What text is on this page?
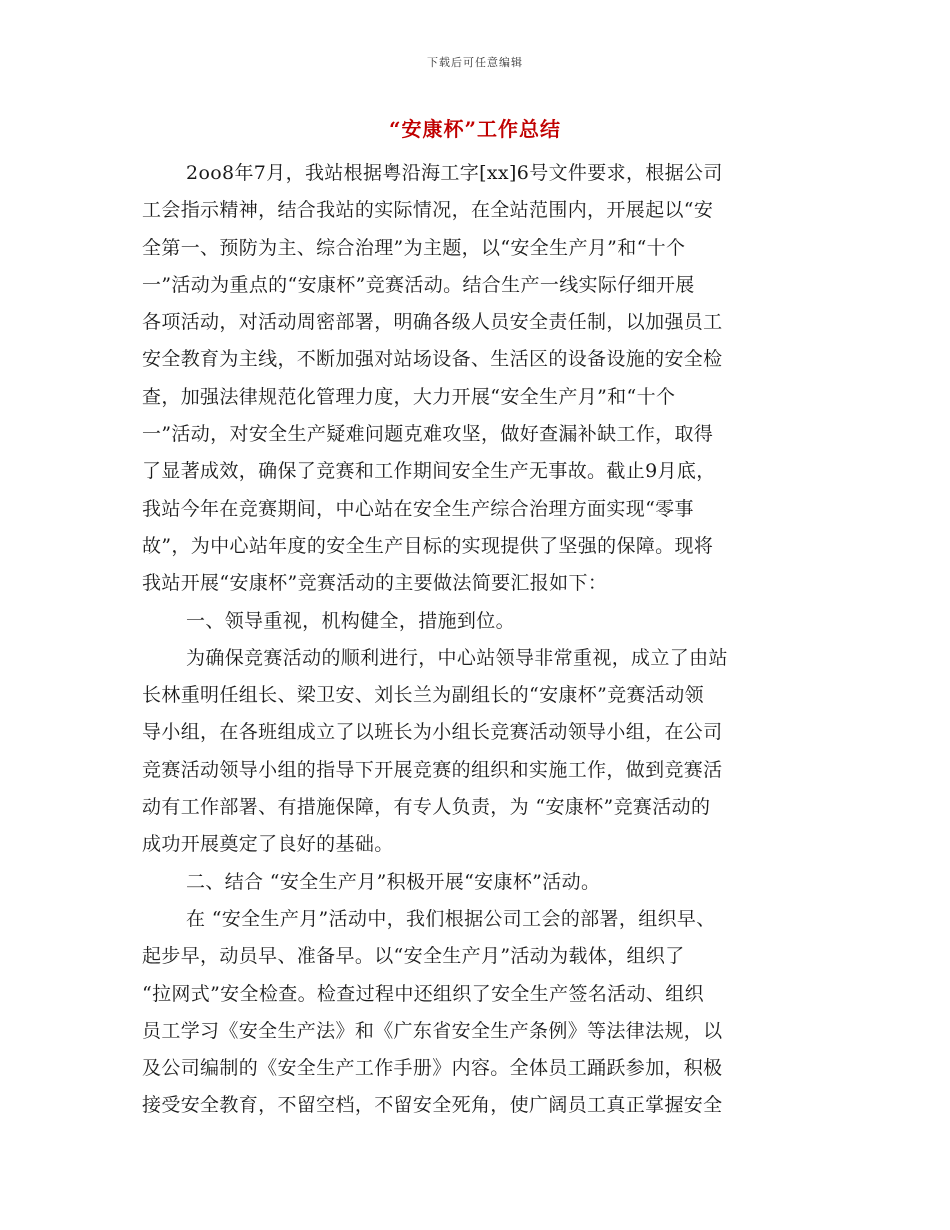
下载后可任意编辑
“安康杯”工作总结
2oo8年7月，我站根据粤沿海工字[xx]6号文件要求，根据公司
工会指示精神，结合我站的实际情况，在全站范围内，开展起以“安
全第一、预防为主、综合治理”为主题，以“安全生产月”和“十个
一”活动为重点的“安康杯”竞赛活动。结合生产一线实际仔细开展
各项活动，对活动周密部署，明确各级人员安全责任制，以加强员工
安全教育为主线，不断加强对站场设备、生活区的设备设施的安全检
查，加强法律规范化管理力度，大力开展“安全生产月”和“十个
一”活动，对安全生产疑难问题克难攻坚，做好查漏补缺工作，取得
了显著成效，确保了竞赛和工作期间安全生产无事故。截止9月底，
我站今年在竞赛期间，中心站在安全生产综合治理方面实现“零事
故”，为中心站年度的安全生产目标的实现提供了坚强的保障。现将
我站开展“安康杯”竞赛活动的主要做法简要汇报如下：
一、领导重视，机构健全，措施到位。
为确保竞赛活动的顺利进行，中心站领导非常重视，成立了由站
长林重明任组长、梁卫安、刘长兰为副组长的“安康杯”竞赛活动领
导小组，在各班组成立了以班长为小组长竞赛活动领导小组，在公司
竞赛活动领导小组的指导下开展竞赛的组织和实施工作，做到竞赛活
动有工作部署、有措施保障，有专人负责，为 “安康杯”竞赛活动的
成功开展奠定了良好的基础。
二、结合 “安全生产月”积极开展“安康杯”活动。
在 “安全生产月”活动中，我们根据公司工会的部署，组织早、
起步早，动员早、准备早。以“安全生产月”活动为载体，组织了
“拉网式”安全检查。检查过程中还组织了安全生产签名活动、组织
员工学习《安全生产法》和《广东省安全生产条例》等法律法规，以
及公司编制的《安全生产工作手册》内容。全体员工踊跃参加，积极
接受安全教育，不留空档，不留安全死角，使广阔员工真正掌握安全
